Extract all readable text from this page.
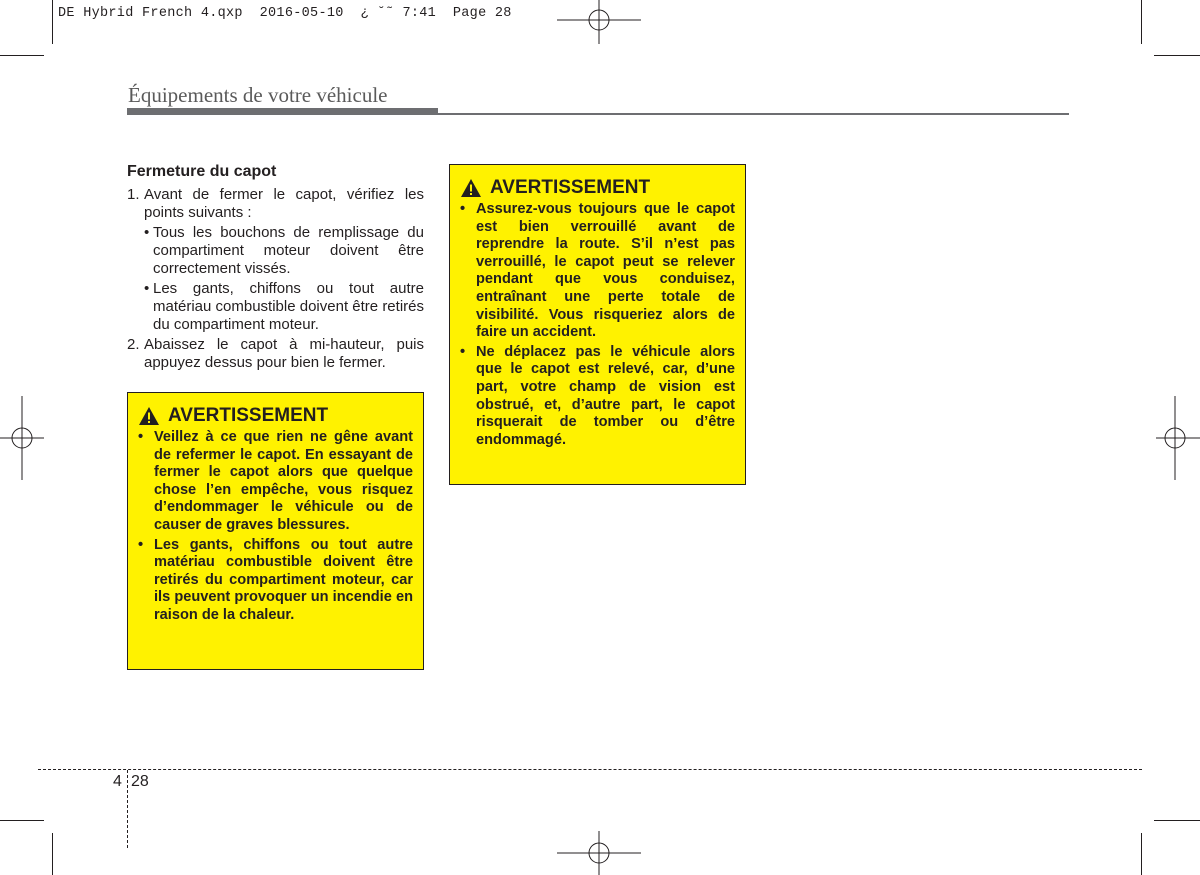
DE Hybrid French 4.qxp  2016-05-10  ¿ ˘˜ 7:41  Page 28
Équipements de votre véhicule
Fermeture du capot
1. Avant de fermer le capot, vérifiez les points suivants :
• Tous les bouchons de remplissage du compartiment moteur doivent être correctement vissés.
• Les gants, chiffons ou tout autre matériau combustible doivent être retirés du compartiment moteur.
2. Abaissez le capot à mi-hauteur, puis appuyez dessus pour bien le fermer.
AVERTISSEMENT
• Veillez à ce que rien ne gêne avant de refermer le capot. En essayant de fermer le capot alors que quelque chose l’en empêche, vous risquez d’endommager le véhicule ou de causer de graves blessures.
• Les gants, chiffons ou tout autre matériau combustible doivent être retirés du compartiment moteur, car ils peuvent provoquer un incendie en raison de la chaleur.
AVERTISSEMENT
• Assurez-vous toujours que le capot est bien verrouillé avant de reprendre la route. S’il n’est pas verrouillé, le capot peut se relever pendant que vous conduisez, entraînant une perte totale de visibilité. Vous risqueriez alors de faire un accident.
• Ne déplacez pas le véhicule alors que le capot est relevé, car, d’une part, votre champ de vision est obstrué, et, d’autre part, le capot risquerait de tomber ou d’être endommagé.
4 28
